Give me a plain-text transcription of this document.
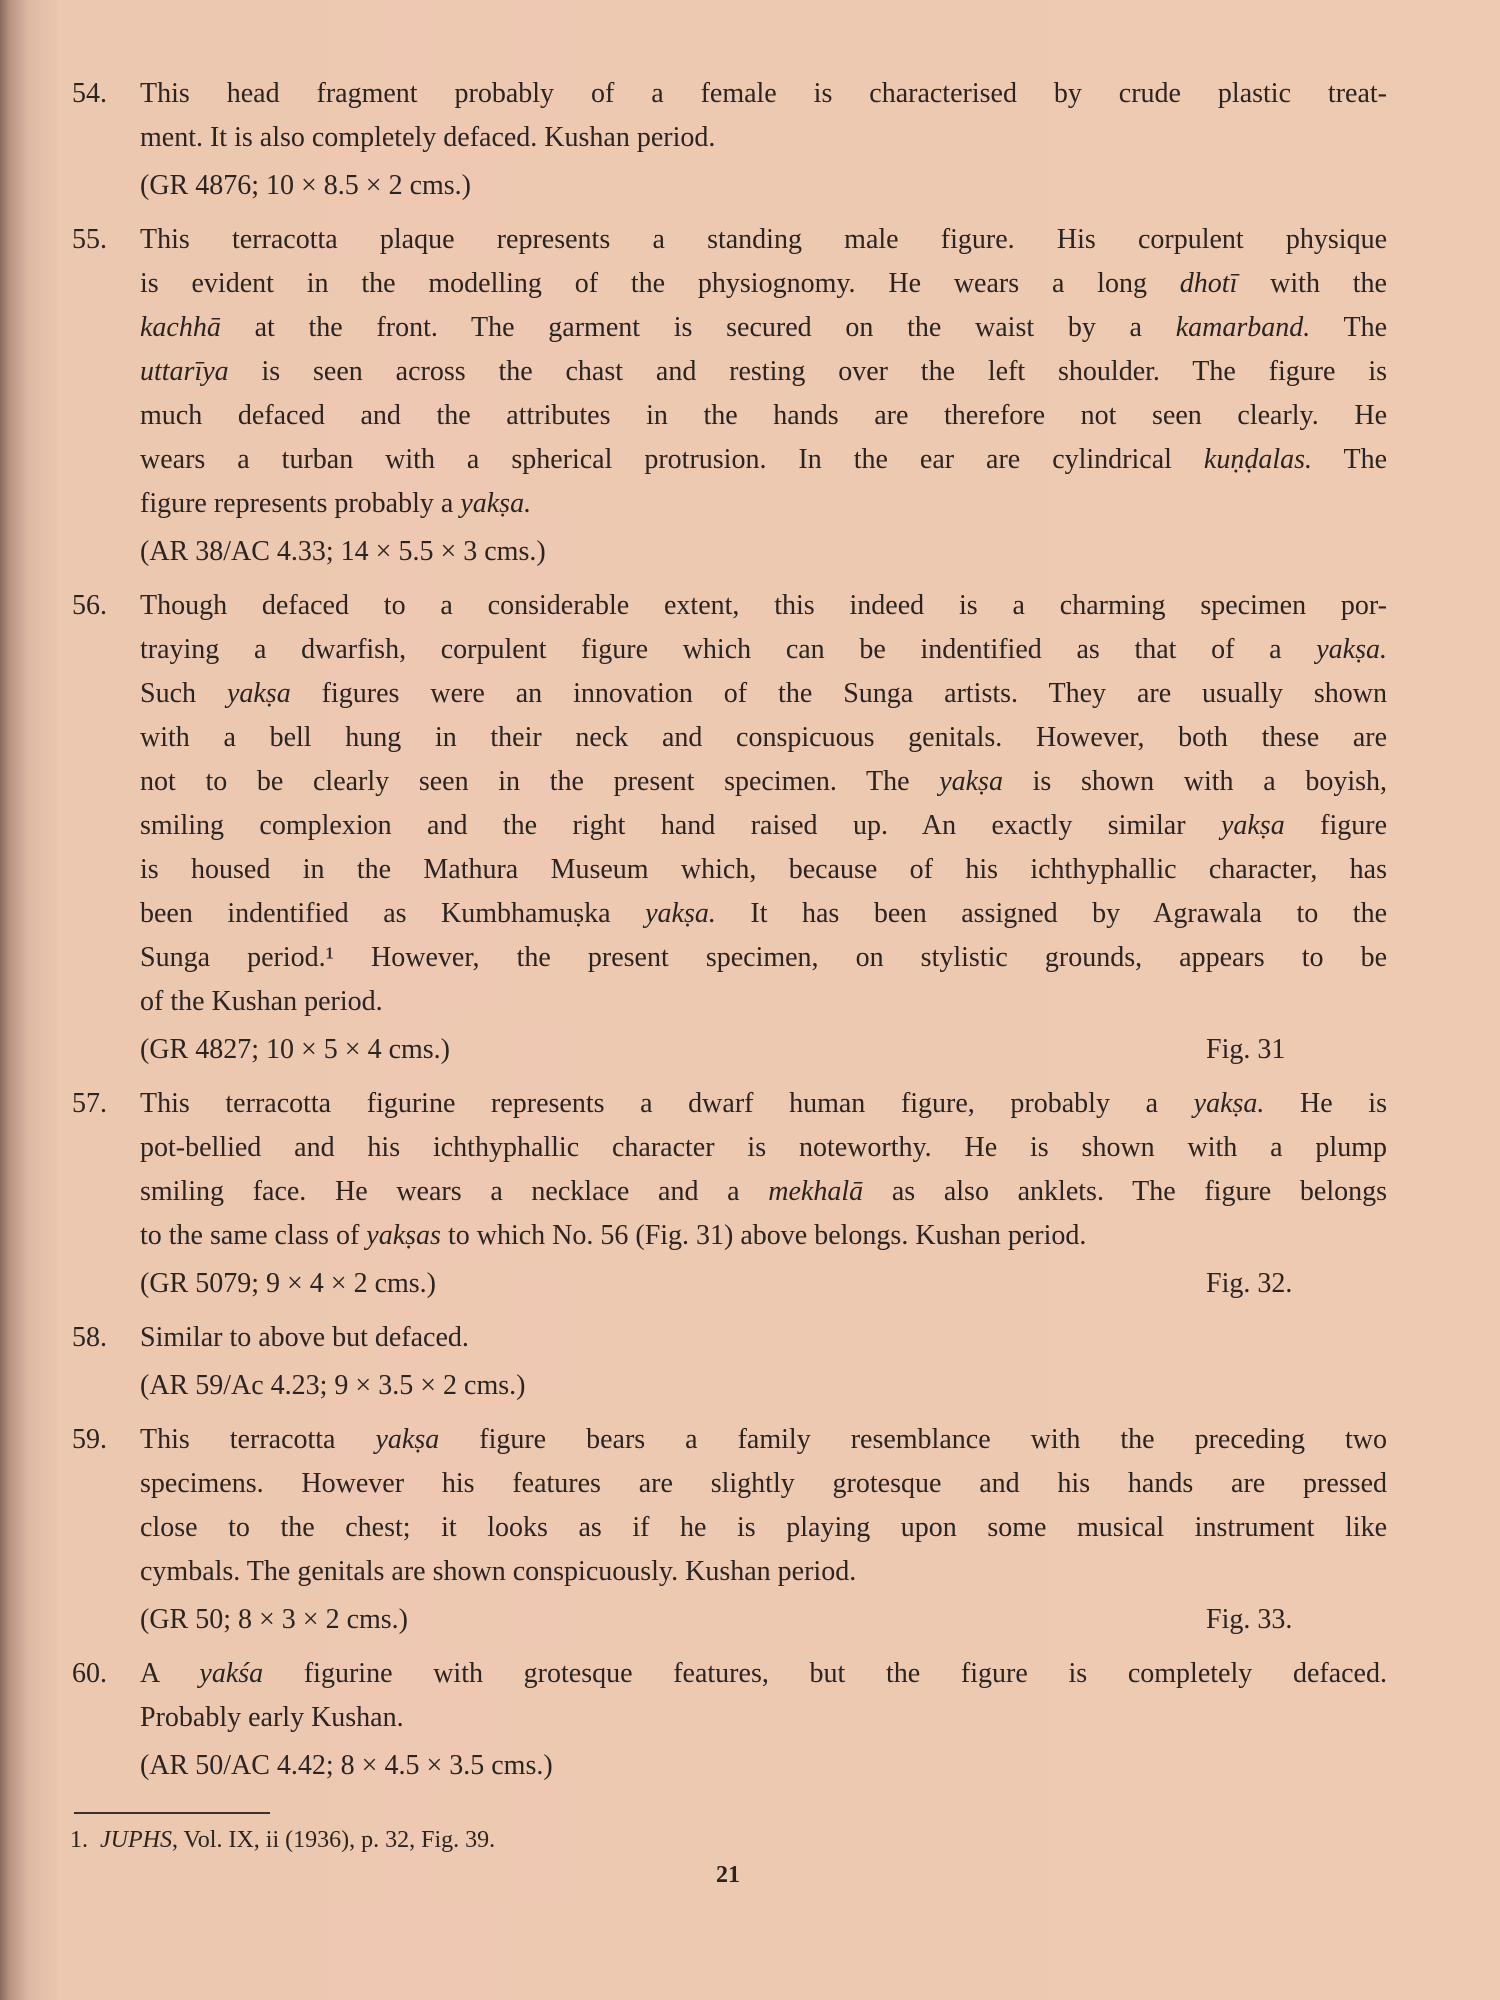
54. This head fragment probably of a female is characterised by crude plastic treat-
ment. It is also completely defaced. Kushan period.
(GR 4876; 10 × 8.5 × 2 cms.)
55. This terracotta plaque represents a standing male figure. His corpulent physique
is evident in the modelling of the physiognomy. He wears a long dhotī with the
kachhā at the front. The garment is secured on the waist by a kamarband. The
uttarīya is seen across the chast and resting over the left shoulder. The figure is
much defaced and the attributes in the hands are therefore not seen clearly. He
wears a turban with a spherical protrusion. In the ear are cylindrical kuṇḍalas. The
figure represents probably a yakṣa.
(AR 38/AC 4.33; 14 × 5.5 × 3 cms.)
56. Though defaced to a considerable extent, this indeed is a charming specimen por-
traying a dwarfish, corpulent figure which can be indentified as that of a yakṣa.
Such yakṣa figures were an innovation of the Sunga artists. They are usually shown
with a bell hung in their neck and conspicuous genitals. However, both these are
not to be clearly seen in the present specimen. The yakṣa is shown with a boyish,
smiling complexion and the right hand raised up. An exactly similar yakṣa figure
is housed in the Mathura Museum which, because of his ichthyphallic character, has
been indentified as Kumbhamuṣka yakṣa. It has been assigned by Agrawala to the
Sunga period.¹ However, the present specimen, on stylistic grounds, appears to be
of the Kushan period.
(GR 4827; 10 × 5 × 4 cms.)	Fig. 31
57. This terracotta figurine represents a dwarf human figure, probably a yakṣa. He is
pot-bellied and his ichthyphallic character is noteworthy. He is shown with a plump
smiling face. He wears a necklace and a mekhalā as also anklets. The figure belongs
to the same class of yakṣas to which No. 56 (Fig. 31) above belongs. Kushan period.
(GR 5079; 9 × 4 × 2 cms.)	Fig. 32.
58. Similar to above but defaced.
(AR 59/Ac 4.23; 9 × 3.5 × 2 cms.)
59. This terracotta yakṣa figure bears a family resemblance with the preceding two
specimens. However his features are slightly grotesque and his hands are pressed
close to the chest; it looks as if he is playing upon some musical instrument like
cymbals. The genitals are shown conspicuously. Kushan period.
(GR 50; 8 × 3 × 2 cms.)	Fig. 33.
60. A yakśa figurine with grotesque features, but the figure is completely defaced.
Probably early Kushan.
(AR 50/AC 4.42; 8 × 4.5 × 3.5 cms.)
1. JUPHS, Vol. IX, ii (1936), p. 32, Fig. 39.
21
